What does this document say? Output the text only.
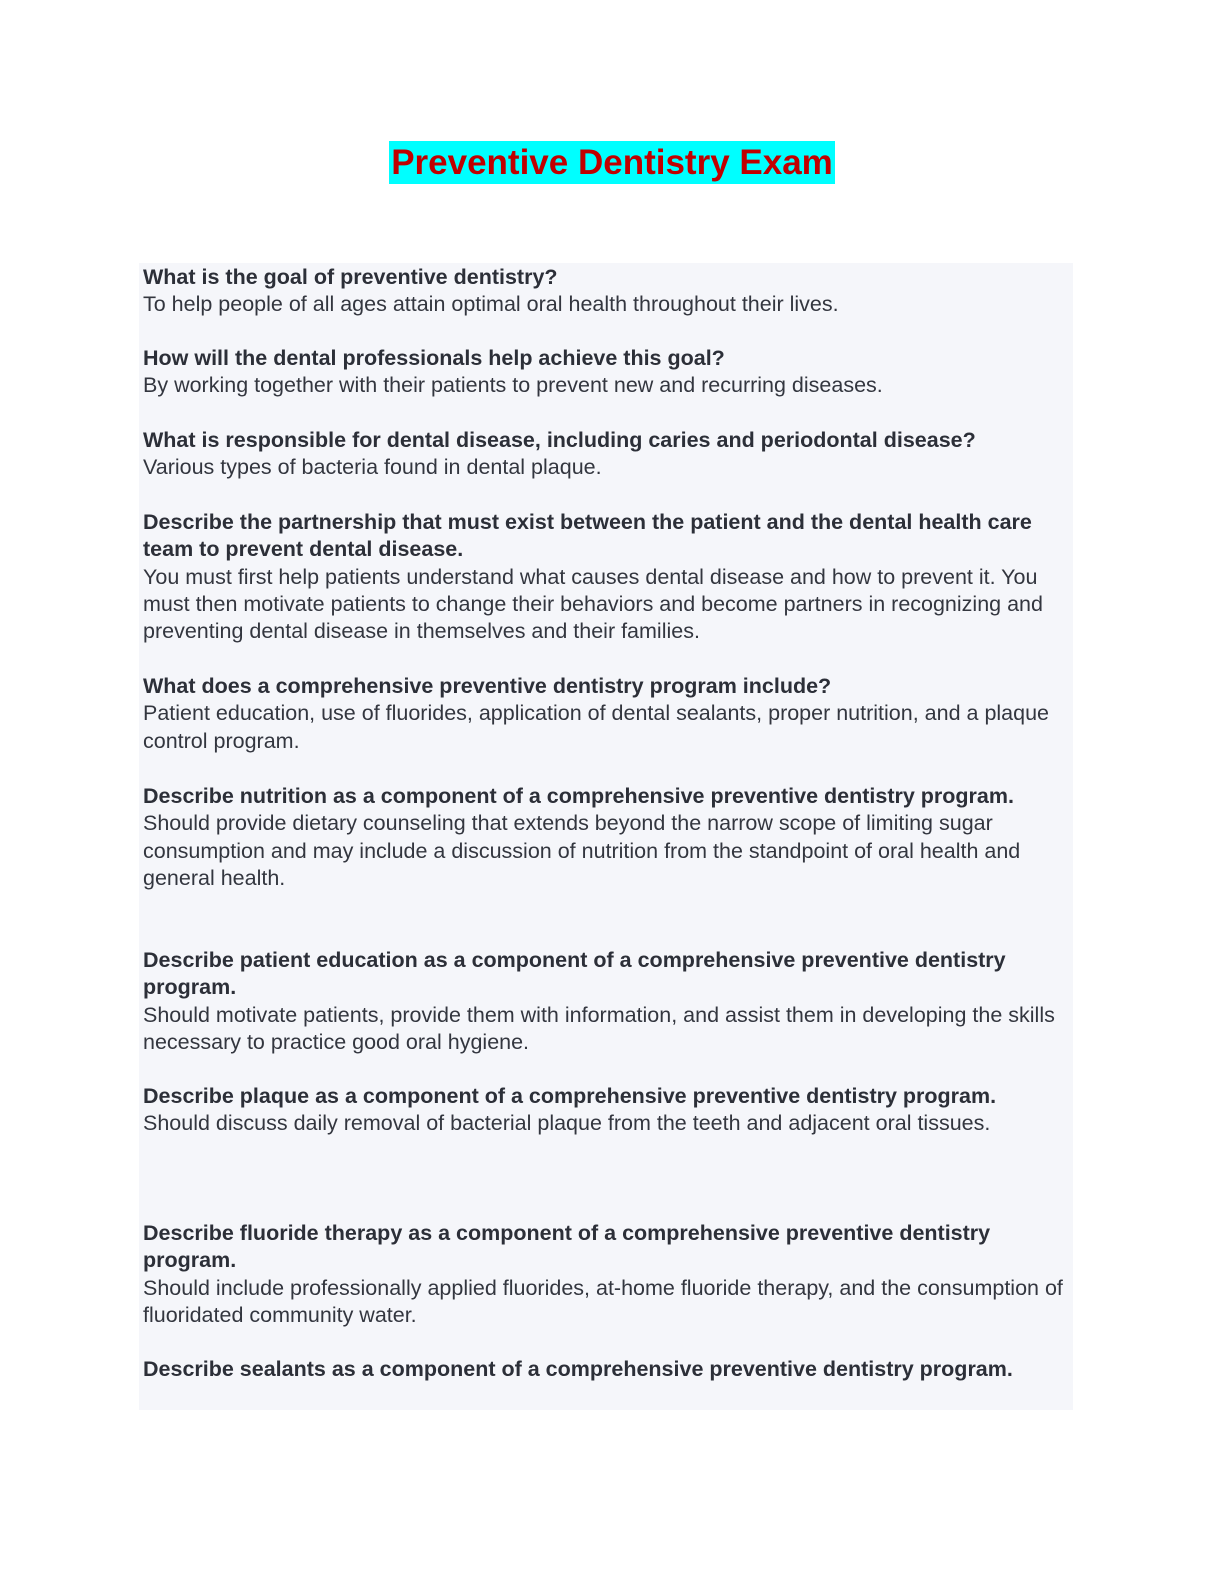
Preventive Dentistry Exam

What is the goal of preventive dentistry?

To help people of all ages attain optimal oral health throughout their lives.

How will the dental professionals help achieve this goal?

By working together with their patients to prevent new and recurring diseases.

What is responsible for dental disease, including caries and periodontal disease?

Various types of bacteria found in dental plaque.

Describe the partnership that must exist between the patient and the dental health care team to prevent dental disease.

You must first help patients understand what causes dental disease and how to prevent it. You must then motivate patients to change their behaviors and become partners in recognizing and preventing dental disease in themselves and their families.

What does a comprehensive preventive dentistry program include?

Patient education, use of fluorides, application of dental sealants, proper nutrition, and a plaque control program.

Describe nutrition as a component of a comprehensive preventive dentistry program.

Should provide dietary counseling that extends beyond the narrow scope of limiting sugar consumption and may include a discussion of nutrition from the standpoint of oral health and general health.

Describe patient education as a component of a comprehensive preventive dentistry program.

Should motivate patients, provide them with information, and assist them in developing the skills necessary to practice good oral hygiene.

Describe plaque as a component of a comprehensive preventive dentistry program.

Should discuss daily removal of bacterial plaque from the teeth and adjacent oral tissues.

Describe fluoride therapy as a component of a comprehensive preventive dentistry program.

Should include professionally applied fluorides, at-home fluoride therapy, and the consumption of fluoridated community water.

Describe sealants as a component of a comprehensive preventive dentistry program.
